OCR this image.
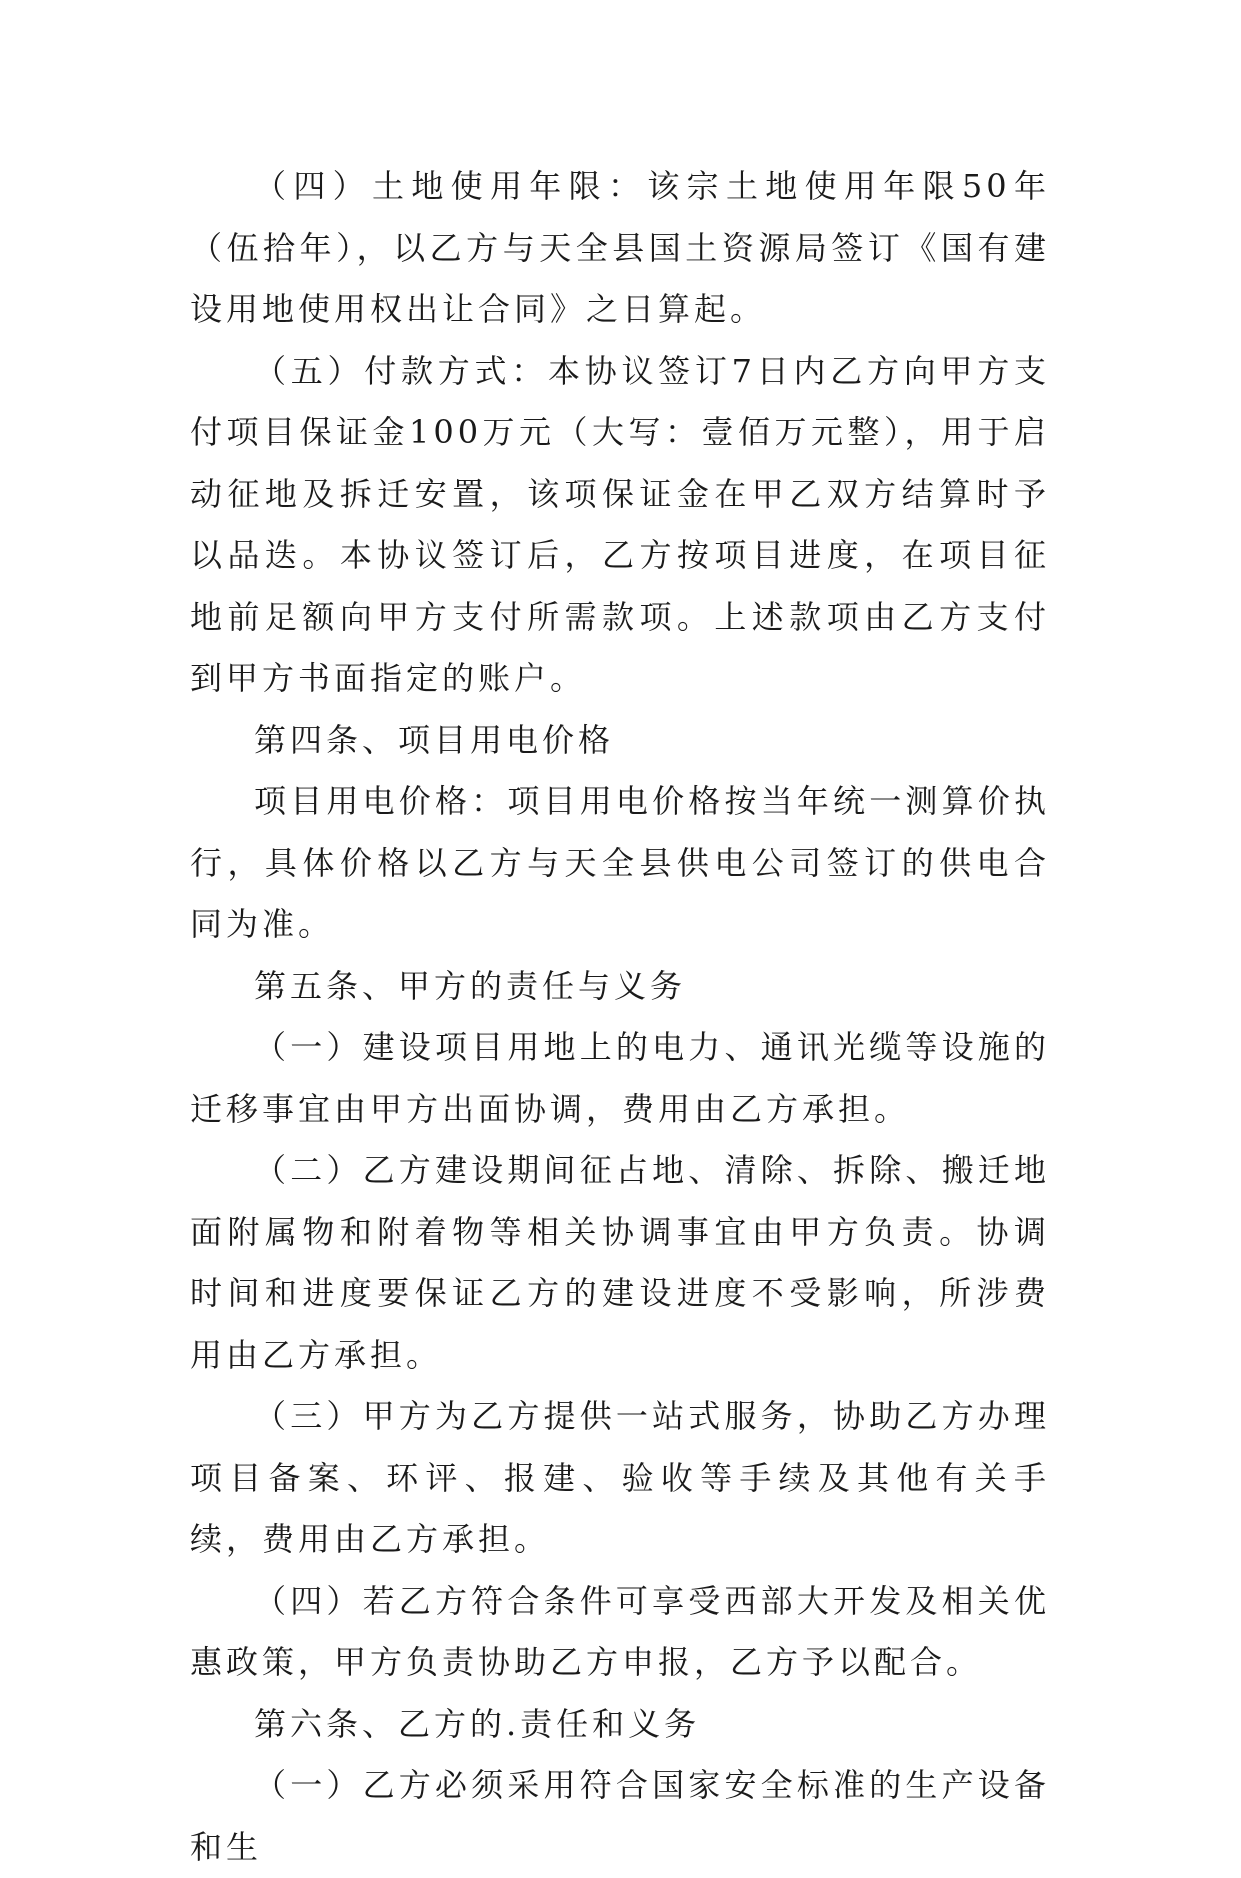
（四）土地使用年限：该宗土地使用年限50年（伍拾年），以乙方与天全县国土资源局签订《国有建设用地使用权出让合同》之日算起。

（五）付款方式：本协议签订7日内乙方向甲方支付项目保证金100万元（大写：壹佰万元整），用于启动征地及拆迁安置，该项保证金在甲乙双方结算时予以品迭。本协议签订后，乙方按项目进度，在项目征地前足额向甲方支付所需款项。上述款项由乙方支付到甲方书面指定的账户。

第四条、项目用电价格

项目用电价格：项目用电价格按当年统一测算价执行，具体价格以乙方与天全县供电公司签订的供电合同为准。

第五条、甲方的责任与义务

（一）建设项目用地上的电力、通讯光缆等设施的迁移事宜由甲方出面协调，费用由乙方承担。

（二）乙方建设期间征占地、清除、拆除、搬迁地面附属物和附着物等相关协调事宜由甲方负责。协调时间和进度要保证乙方的建设进度不受影响，所涉费用由乙方承担。

（三）甲方为乙方提供一站式服务，协助乙方办理项目备案、环评、报建、验收等手续及其他有关手续，费用由乙方承担。

（四）若乙方符合条件可享受西部大开发及相关优惠政策，甲方负责协助乙方申报，乙方予以配合。

第六条、乙方的.责任和义务

（一）乙方必须采用符合国家安全标准的生产设备和生
